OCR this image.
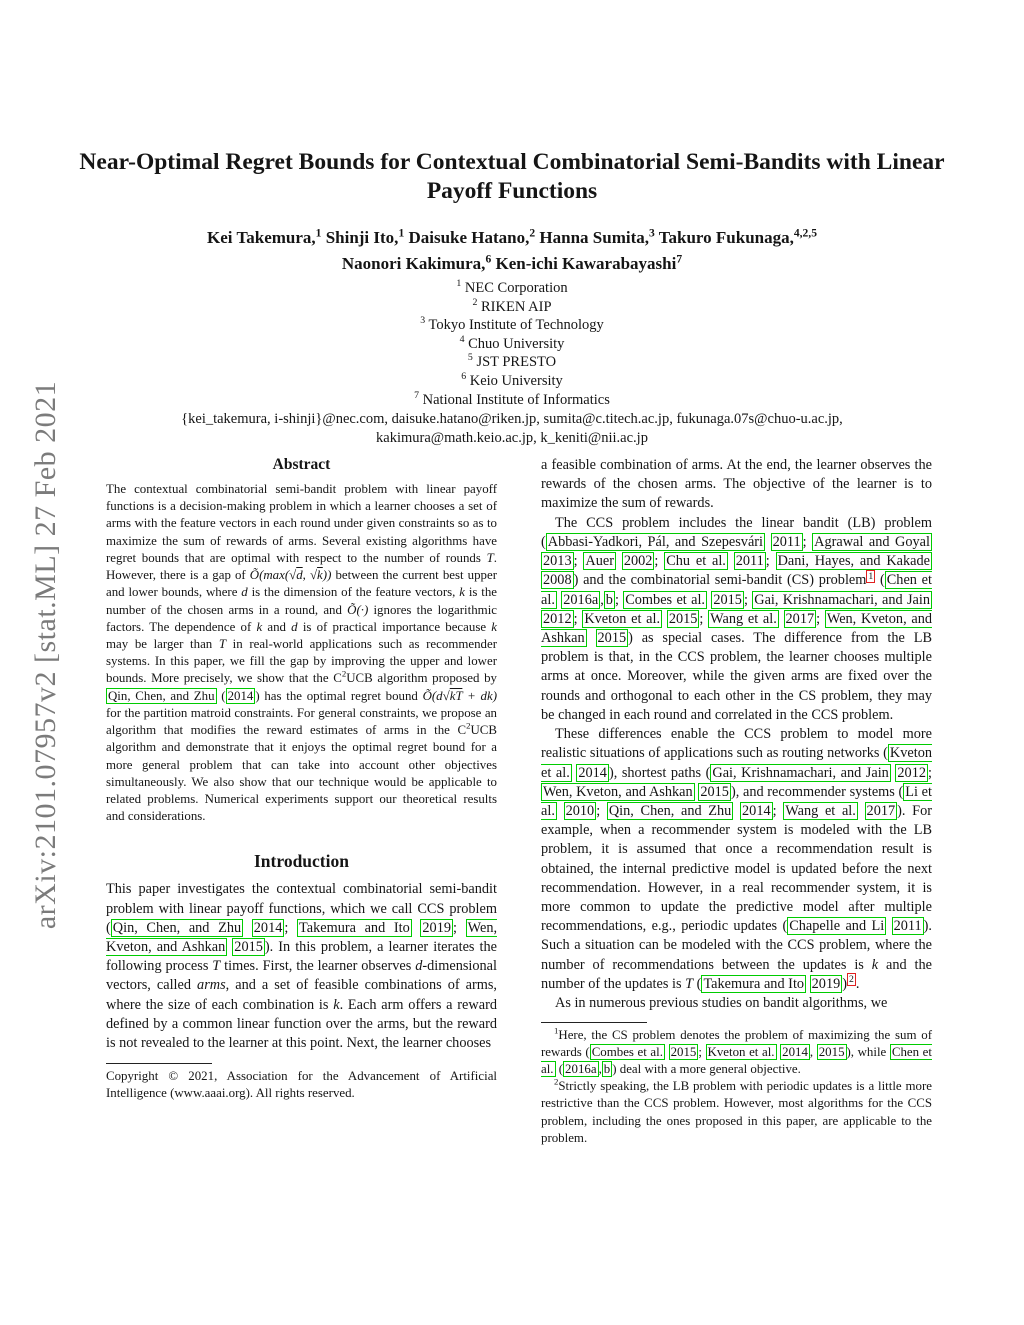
arXiv:2101.07957v2 [stat.ML] 27 Feb 2021
Near-Optimal Regret Bounds for Contextual Combinatorial Semi-Bandits with Linear Payoff Functions
Kei Takemura,$^1$ Shinji Ito,$^1$ Daisuke Hatano,$^2$ Hanna Sumita,$^3$ Takuro Fukunaga,$^{4,2,5}$
Naonori Kakimura,$^6$ Ken-ichi Kawarabayashi$^7$
$^1$ NEC Corporation
$^2$ RIKEN AIP
$^3$ Tokyo Institute of Technology
$^4$ Chuo University
$^5$ JST PRESTO
$^6$ Keio University
$^7$ National Institute of Informatics
{kei_takemura, i-shinji}@nec.com, daisuke.hatano@riken.jp, sumita@c.titech.ac.jp, fukunaga.07s@chuo-u.ac.jp,
kakimura@math.keio.ac.jp, k_keniti@nii.ac.jp
Abstract

The contextual combinatorial semi-bandit problem with linear payoff functions is a decision-making problem in which a learner chooses a set of arms with the feature vectors in each round under given constraints so as to maximize the sum of rewards of arms. Several existing algorithms have regret bounds that are optimal with respect to the number of rounds T. However, there is a gap of Õ(max(√d, √k)) between the current best upper and lower bounds, where d is the dimension of the feature vectors, k is the number of the chosen arms in a round, and Õ(·) ignores the logarithmic factors. The dependence of k and d is of practical importance because k may be larger than T in real-world applications such as recommender systems. In this paper, we fill the gap by improving the upper and lower bounds. More precisely, we show that the $C^2UCB$ algorithm proposed by Qin, Chen, and Zhu ( 2014 ) has the optimal regret bound Õ(d√kT + dk) for the partition matroid constraints. For general constraints, we propose an algorithm that modifies the reward estimates of arms in the $C^2UCB$ algorithm and demonstrate that it enjoys the optimal regret bound for a more general problem that can take into account other objectives simultaneously. We also show that our technique would be applicable to related problems. Numerical experiments support our theoretical results and considerations.

Introduction

This paper investigates the contextual combinatorial semi-bandit problem with linear payoff functions, which we call CCS problem ( Qin, Chen, and Zhu 2014 ; Takemura and Ito 2019 ; Wen, Kveton, and Ashkan 2015 ). In this problem, a learner iterates the following process T times. First, the learner observes d-dimensional vectors, called arms, and a set of feasible combinations of arms, where the size of each combination is k. Each arm offers a reward defined by a common linear function over the arms, but the reward is not revealed to the learner at this point. Next, the learner chooses

Copyright © 2021, Association for the Advancement of Artificial Intelligence (www.aaai.org). All rights reserved.

a feasible combination of arms. At the end, the learner observes the rewards of the chosen arms. The objective of the learner is to maximize the sum of rewards.

The CCS problem includes the linear bandit (LB) problem ( Abbasi-Yadkori, Pál, and Szepesvári 2011 ; Agrawal and Goyal 2013 ; Auer 2002 ; Chu et al. 2011 ; Dani, Hayes, and Kakade 2008 ) and the combinatorial semi-bandit (CS) problem $^1$ ( Chen et al. 2016a , b ; Combes et al. 2015 ; Gai, Krishnamachari, and Jain 2012 ; Kveton et al. 2015 ; Wang et al. 2017 ; Wen, Kveton, and Ashkan 2015 ) as special cases. The difference from the LB problem is that, in the CCS problem, the learner chooses multiple arms at once. Moreover, while the given arms are fixed over the rounds and orthogonal to each other in the CS problem, they may be changed in each round and correlated in the CCS problem.

These differences enable the CCS problem to model more realistic situations of applications such as routing networks ( Kveton et al. 2014 ), shortest paths ( Gai, Krishnamachari, and Jain 2012 ; Wen, Kveton, and Ashkan 2015 ), and recommender systems ( Li et al. 2010 ; Qin, Chen, and Zhu 2014 ; Wang et al. 2017 ). For example, when a recommender system is modeled with the LB problem, it is assumed that once a recommendation result is obtained, the internal predictive model is updated before the next recommendation. However, in a real recommender system, it is more common to update the predictive model after multiple recommendations, e.g., periodic updates ( Chapelle and Li 2011 ). Such a situation can be modeled with the CCS problem, where the number of recommendations between the updates is k and the number of the updates is T ( Takemura and Ito 2019 ) $^2$ .

As in numerous previous studies on bandit algorithms, we

$^1$Here, the CS problem denotes the problem of maximizing the sum of rewards ( Combes et al. 2015 ; Kveton et al. 2014 , 2015 ), while Chen et al. ( 2016a , b ) deal with a more general objective.

$^2$Strictly speaking, the LB problem with periodic updates is a little more restrictive than the CCS problem. However, most algorithms for the CCS problem, including the ones proposed in this paper, are applicable to the problem.
